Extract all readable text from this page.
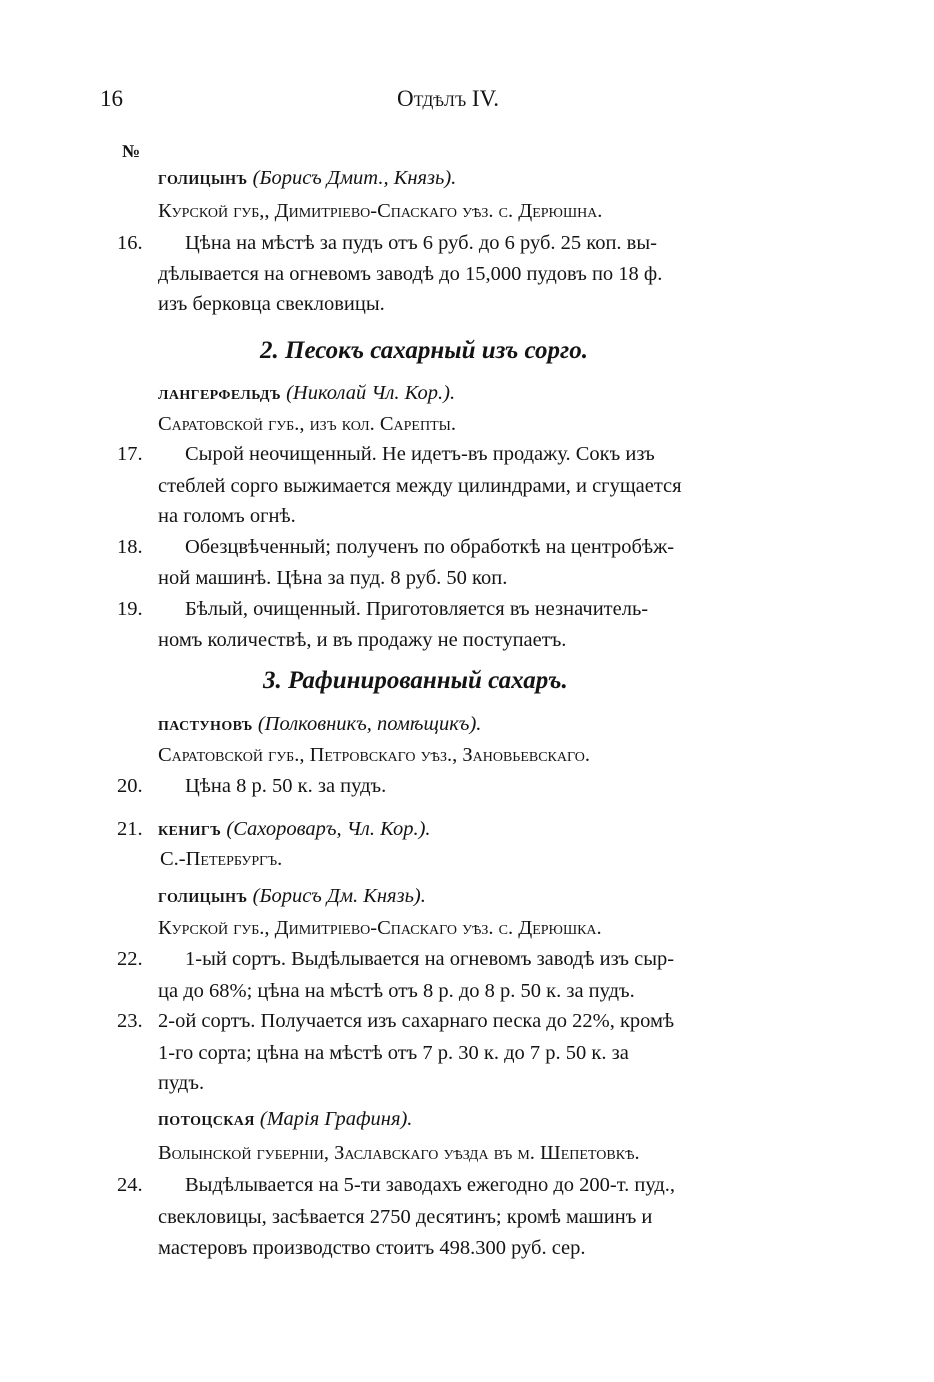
16	Отдѣлъ IV.
№
голицынъ (Борисъ Дмит., Князь).
Курской губ,, Димитріево-Спаскаго уѣз. с. Дерюшна.
16. Цѣна на мѣстѣ за пудъ отъ 6 руб. до 6 руб. 25 коп. вы-
дѣлывается на огневомъ заводѣ до 15,000 пудовъ по 18 ф.
изъ берковца свекловицы.
2. Песокъ сахарный изъ сорго.
лангерфельдъ (Николай Чл. Кор.).
Саратовской губ., изъ кол. Сарепты.
17. Сырой неочищенный. Не идетъ-въ продажу. Сокъ изъ
стеблей сорго выжимается между цилиндрами, и сгущается
на голомъ огнѣ.
18. Обезцвѣченный; полученъ по обработкѣ на центробѣж-
ной машинѣ. Цѣна за пуд. 8 руб. 50 коп.
19. Бѣлый, очищенный. Приготовляется въ незначитель-
номъ количествѣ, и въ продажу не поступаетъ.
3. Рафинированный сахаръ.
пастуновъ (Полковникъ, помѣщикъ).
Саратовской губ., Петровскаго уѣз., Зановьевскаго.
20. Цѣна 8 р. 50 к. за пудъ.
21. кенигъ (Сахороваръ, Чл. Кор.).
С.-Петербургъ.
голицынъ (Борисъ Дм. Князь).
Курской губ., Димитріево-Спаскаго уѣз. с. Дерюшка.
22. 1-ый сортъ. Выдѣлывается на огневомъ заводѣ изъ сыр-
ца до 68%; цѣна на мѣстѣ отъ 8 р. до 8 р. 50 к. за пудъ.
23. 2-ой сортъ. Получается изъ сахарнаго песка до 22%, кромѣ
1-го сорта; цѣна на мѣстѣ отъ 7 р. 30 к. до 7 р. 50 к. за
пудъ.
потоцская (Марія Графиня).
Волынской губерніи, Заславскаго уѣзда въ м. Шепетовкѣ.
24. Выдѣлывается на 5-ти заводахъ ежегодно до 200-т. пуд.,
свекловицы, засѣвается 2750 десятинъ; кромѣ машинъ и
мастеровъ производство стоитъ 498.300 руб. сер.
